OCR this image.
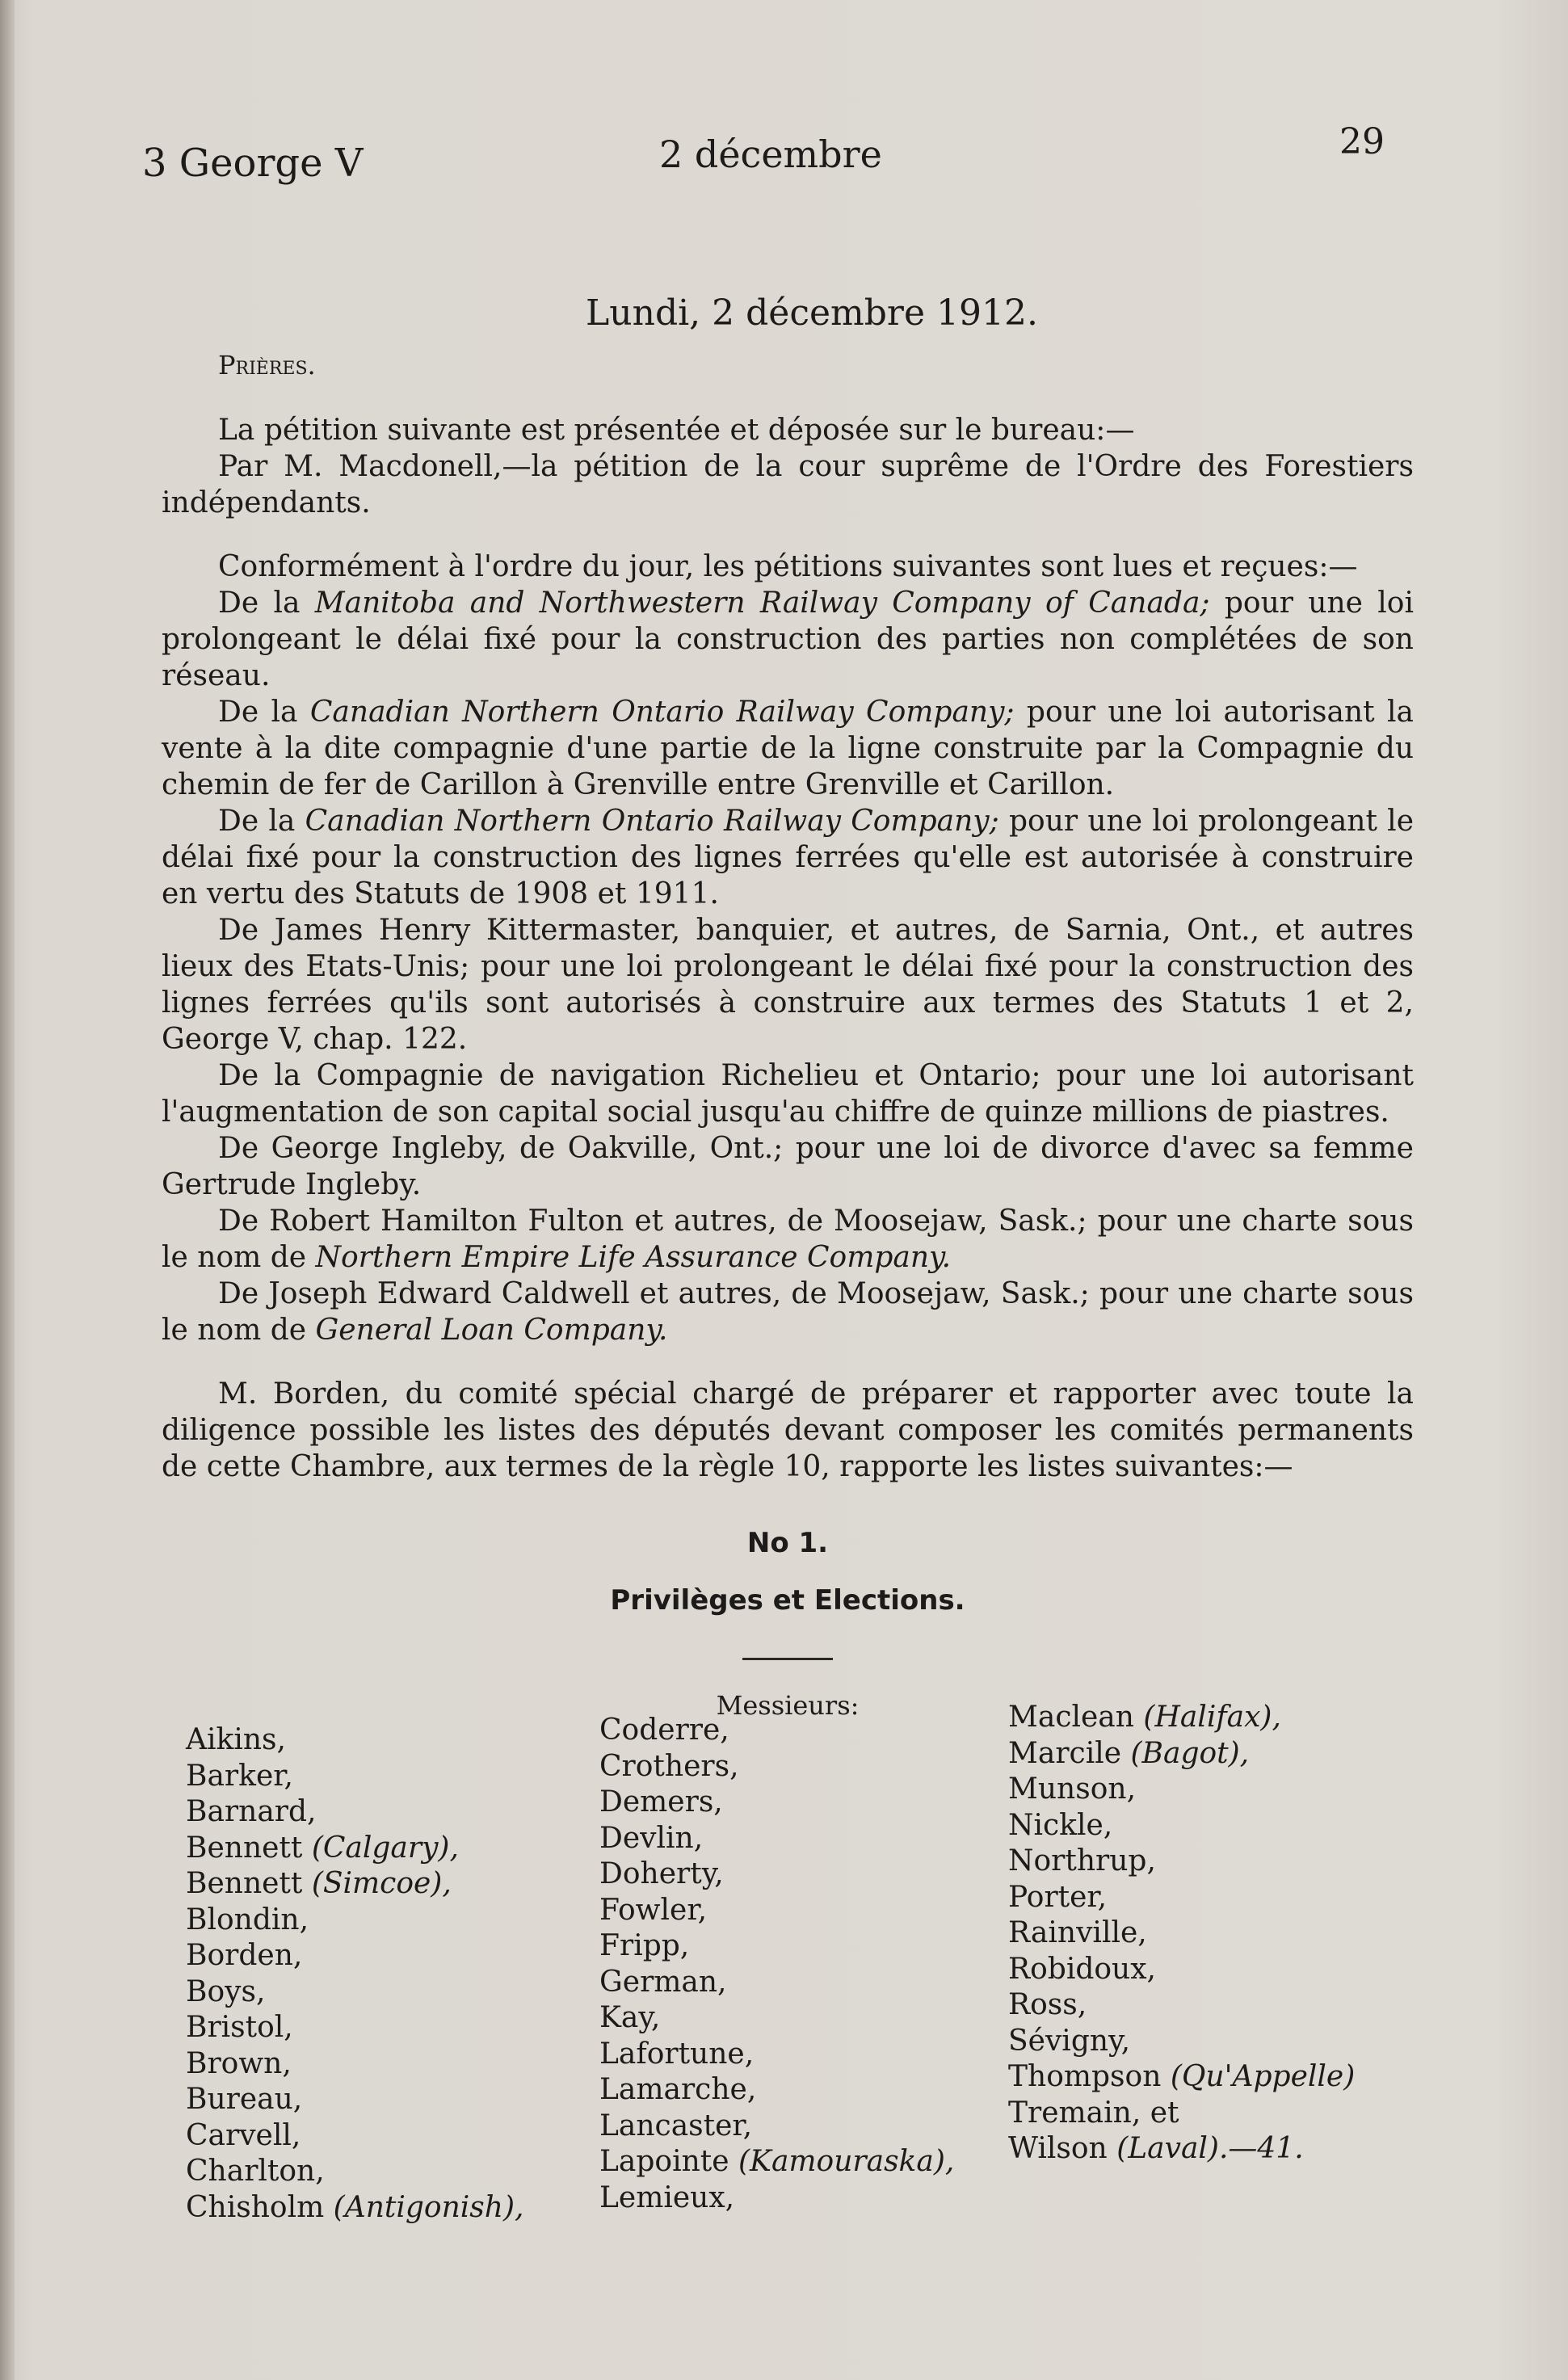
3 George V	2 décembre	29
Lundi, 2 décembre 1912.
Prières.

La pétition suivante est présentée et déposée sur le bureau:—

Par M. Macdonell,—la pétition de la cour suprême de l'Ordre des Forestiers indépendants.

Conformément à l'ordre du jour, les pétitions suivantes sont lues et reçues:—

De la Manitoba and Northwestern Railway Company of Canada; pour une loi prolongeant le délai fixé pour la construction des parties non complétées de son réseau.

De la Canadian Northern Ontario Railway Company; pour une loi autorisant la vente à la dite compagnie d'une partie de la ligne construite par la Compagnie du chemin de fer de Carillon à Grenville entre Grenville et Carillon.

De la Canadian Northern Ontario Railway Company; pour une loi prolongeant le délai fixé pour la construction des lignes ferrées qu'elle est autorisée à construire en vertu des Statuts de 1908 et 1911.

De James Henry Kittermaster, banquier, et autres, de Sarnia, Ont., et autres lieux des Etats-Unis; pour une loi prolongeant le délai fixé pour la construction des lignes ferrées qu'ils sont autorisés à construire aux termes des Statuts 1 et 2, George V, chap. 122.

De la Compagnie de navigation Richelieu et Ontario; pour une loi autorisant l'augmentation de son capital social jusqu'au chiffre de quinze millions de piastres.

De George Ingleby, de Oakville, Ont.; pour une loi de divorce d'avec sa femme Gertrude Ingleby.

De Robert Hamilton Fulton et autres, de Moosejaw, Sask.; pour une charte sous le nom de Northern Empire Life Assurance Company.

De Joseph Edward Caldwell et autres, de Moosejaw, Sask.; pour une charte sous le nom de General Loan Company.

M. Borden, du comité spécial chargé de préparer et rapporter avec toute la diligence possible les listes des députés devant composer les comités permanents de cette Chambre, aux termes de la règle 10, rapporte les listes suivantes:—

No 1.
Privilèges et Elections.
Messieurs:
Aikins,
Barker,
Barnard,
Bennett (Calgary),
Bennett (Simcoe),
Blondin,
Borden,
Boys,
Bristol,
Brown,
Bureau,
Carvell,
Charlton,
Chisholm (Antigonish),
Coderre,
Crothers,
Demers,
Devlin,
Doherty,
Fowler,
Fripp,
German,
Kay,
Lafortune,
Lamarche,
Lancaster,
Lapointe (Kamouraska),
Lemieux,
Maclean (Halifax),
Marcile (Bagot),
Munson,
Nickle,
Northrup,
Porter,
Rainville,
Robidoux,
Ross,
Sévigny,
Thompson (Qu'Appelle)
Tremain, et
Wilson (Laval).—41.
